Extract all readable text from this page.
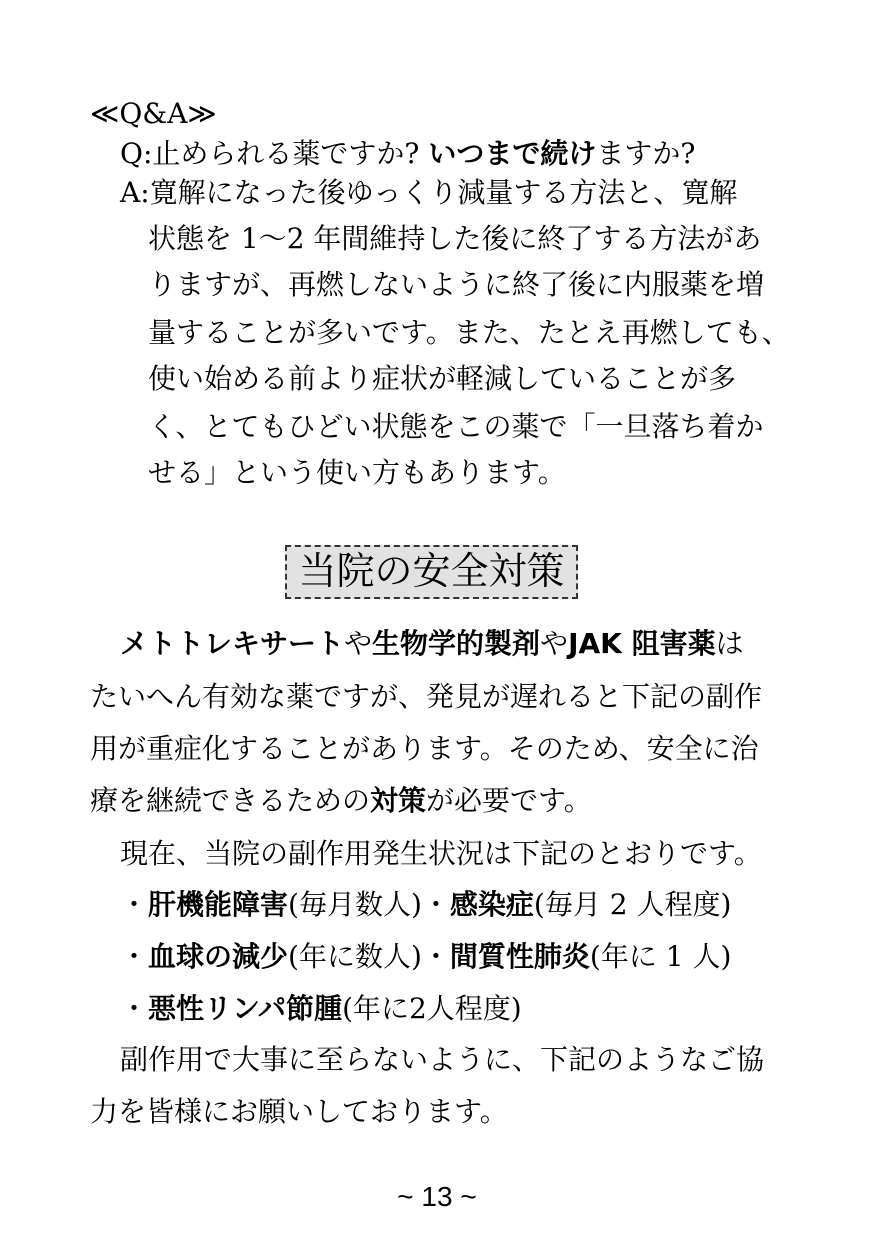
≪Q&A≫
Q:止められる薬ですか? いつまで続けますか?
A:寛解になった後ゆっくり減量する方法と、寛解
状態を 1〜2 年間維持した後に終了する方法があ
りますが、再燃しないように終了後に内服薬を増
量することが多いです。また、たとえ再燃しても、
使い始める前より症状が軽減していることが多
く、とてもひどい状態をこの薬で「一旦落ち着か
せる」という使い方もあります。
当院の安全対策
メトトレキサートや生物学的製剤やJAK 阻害薬は
たいへん有効な薬ですが、発見が遅れると下記の副作
用が重症化することがあります。そのため、安全に治
療を継続できるための対策が必要です。
現在、当院の副作用発生状況は下記のとおりです。
・肝機能障害(毎月数人)・感染症(毎月 2 人程度)
・血球の減少(年に数人)・間質性肺炎(年に 1 人)
・悪性リンパ節腫(年に2人程度)
副作用で大事に至らないように、下記のようなご協
力を皆様にお願いしております。
~ 13 ~
